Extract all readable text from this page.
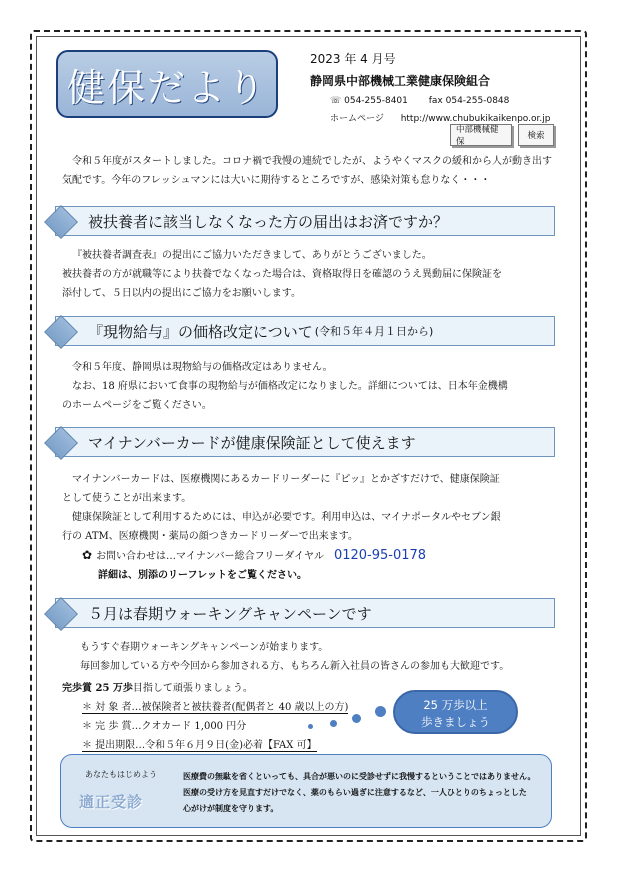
健保だより
2023 年 4 月号
静岡県中部機械工業健康保険組合
☏ 054-255-8401 fax 054-255-0848
ホームページ http://www.chubukikaikenpo.or.jp
中部機械健保
検索
令和５年度がスタートしました。コロナ禍で我慢の連続でしたが、ようやくマスクの緩和から人が動き出す気配です。今年のフレッシュマンには大いに期待するところですが、感染対策も怠りなく・・・
被扶養者に該当しなくなった方の届出はお済ですか？
『被扶養者調査表』の提出にご協力いただきまして、ありがとうございました。
被扶養者の方が就職等により扶養でなくなった場合は、資格取得日を確認のうえ異動届に保険証を
添付して、５日以内の提出にご協力をお願いします。
『現物給与』の価格改定について (令和５年４月１日から)
令和５年度、静岡県は現物給与の価格改定はありません。
なお、18 府県において食事の現物給与が価格改定になりました。詳細については、日本年金機構
のホームページをご覧ください。
マイナンバーカードが健康保険証として使えます
マイナンバーカードは、医療機関にあるカードリーダーに『ピッ』とかざすだけで、健康保険証
として使うことが出来ます。
健康保険証として利用するためには、申込が必要です。利用申込は、マイナポータルやセブン銀
行の ATM、医療機関・薬局の顔つきカードリーダーで出来ます。
✿ お問い合わせは…マイナンバー総合フリーダイヤル 0120-95-0178
詳細は、別添のリーフレットをご覧ください。
５月は春期ウォーキングキャンペーンです
もうすぐ春期ウォーキングキャンペーンが始まります。
毎回参加している方や今回から参加される方、もちろん新入社員の皆さんの参加も大歓迎です。
完歩賞 25 万歩目指して頑張りましょう。
＊ 対 象 者…被保険者と被扶養者(配偶者と 40 歳以上の方)
＊ 完 歩 賞…クオカード 1,000 円分
＊ 提出期限…令和５年６月９日(金)必着【FAX 可】
25 万歩以上
歩きましょう
あなたもはじめよう
適正受診
医療費の無駄を省くといっても、具合が悪いのに受診せずに我慢するということではありません。
医療の受け方を見直すだけでなく、薬のもらい過ぎに注意するなど、一人ひとりのちょっとした
心がけが制度を守ります。
